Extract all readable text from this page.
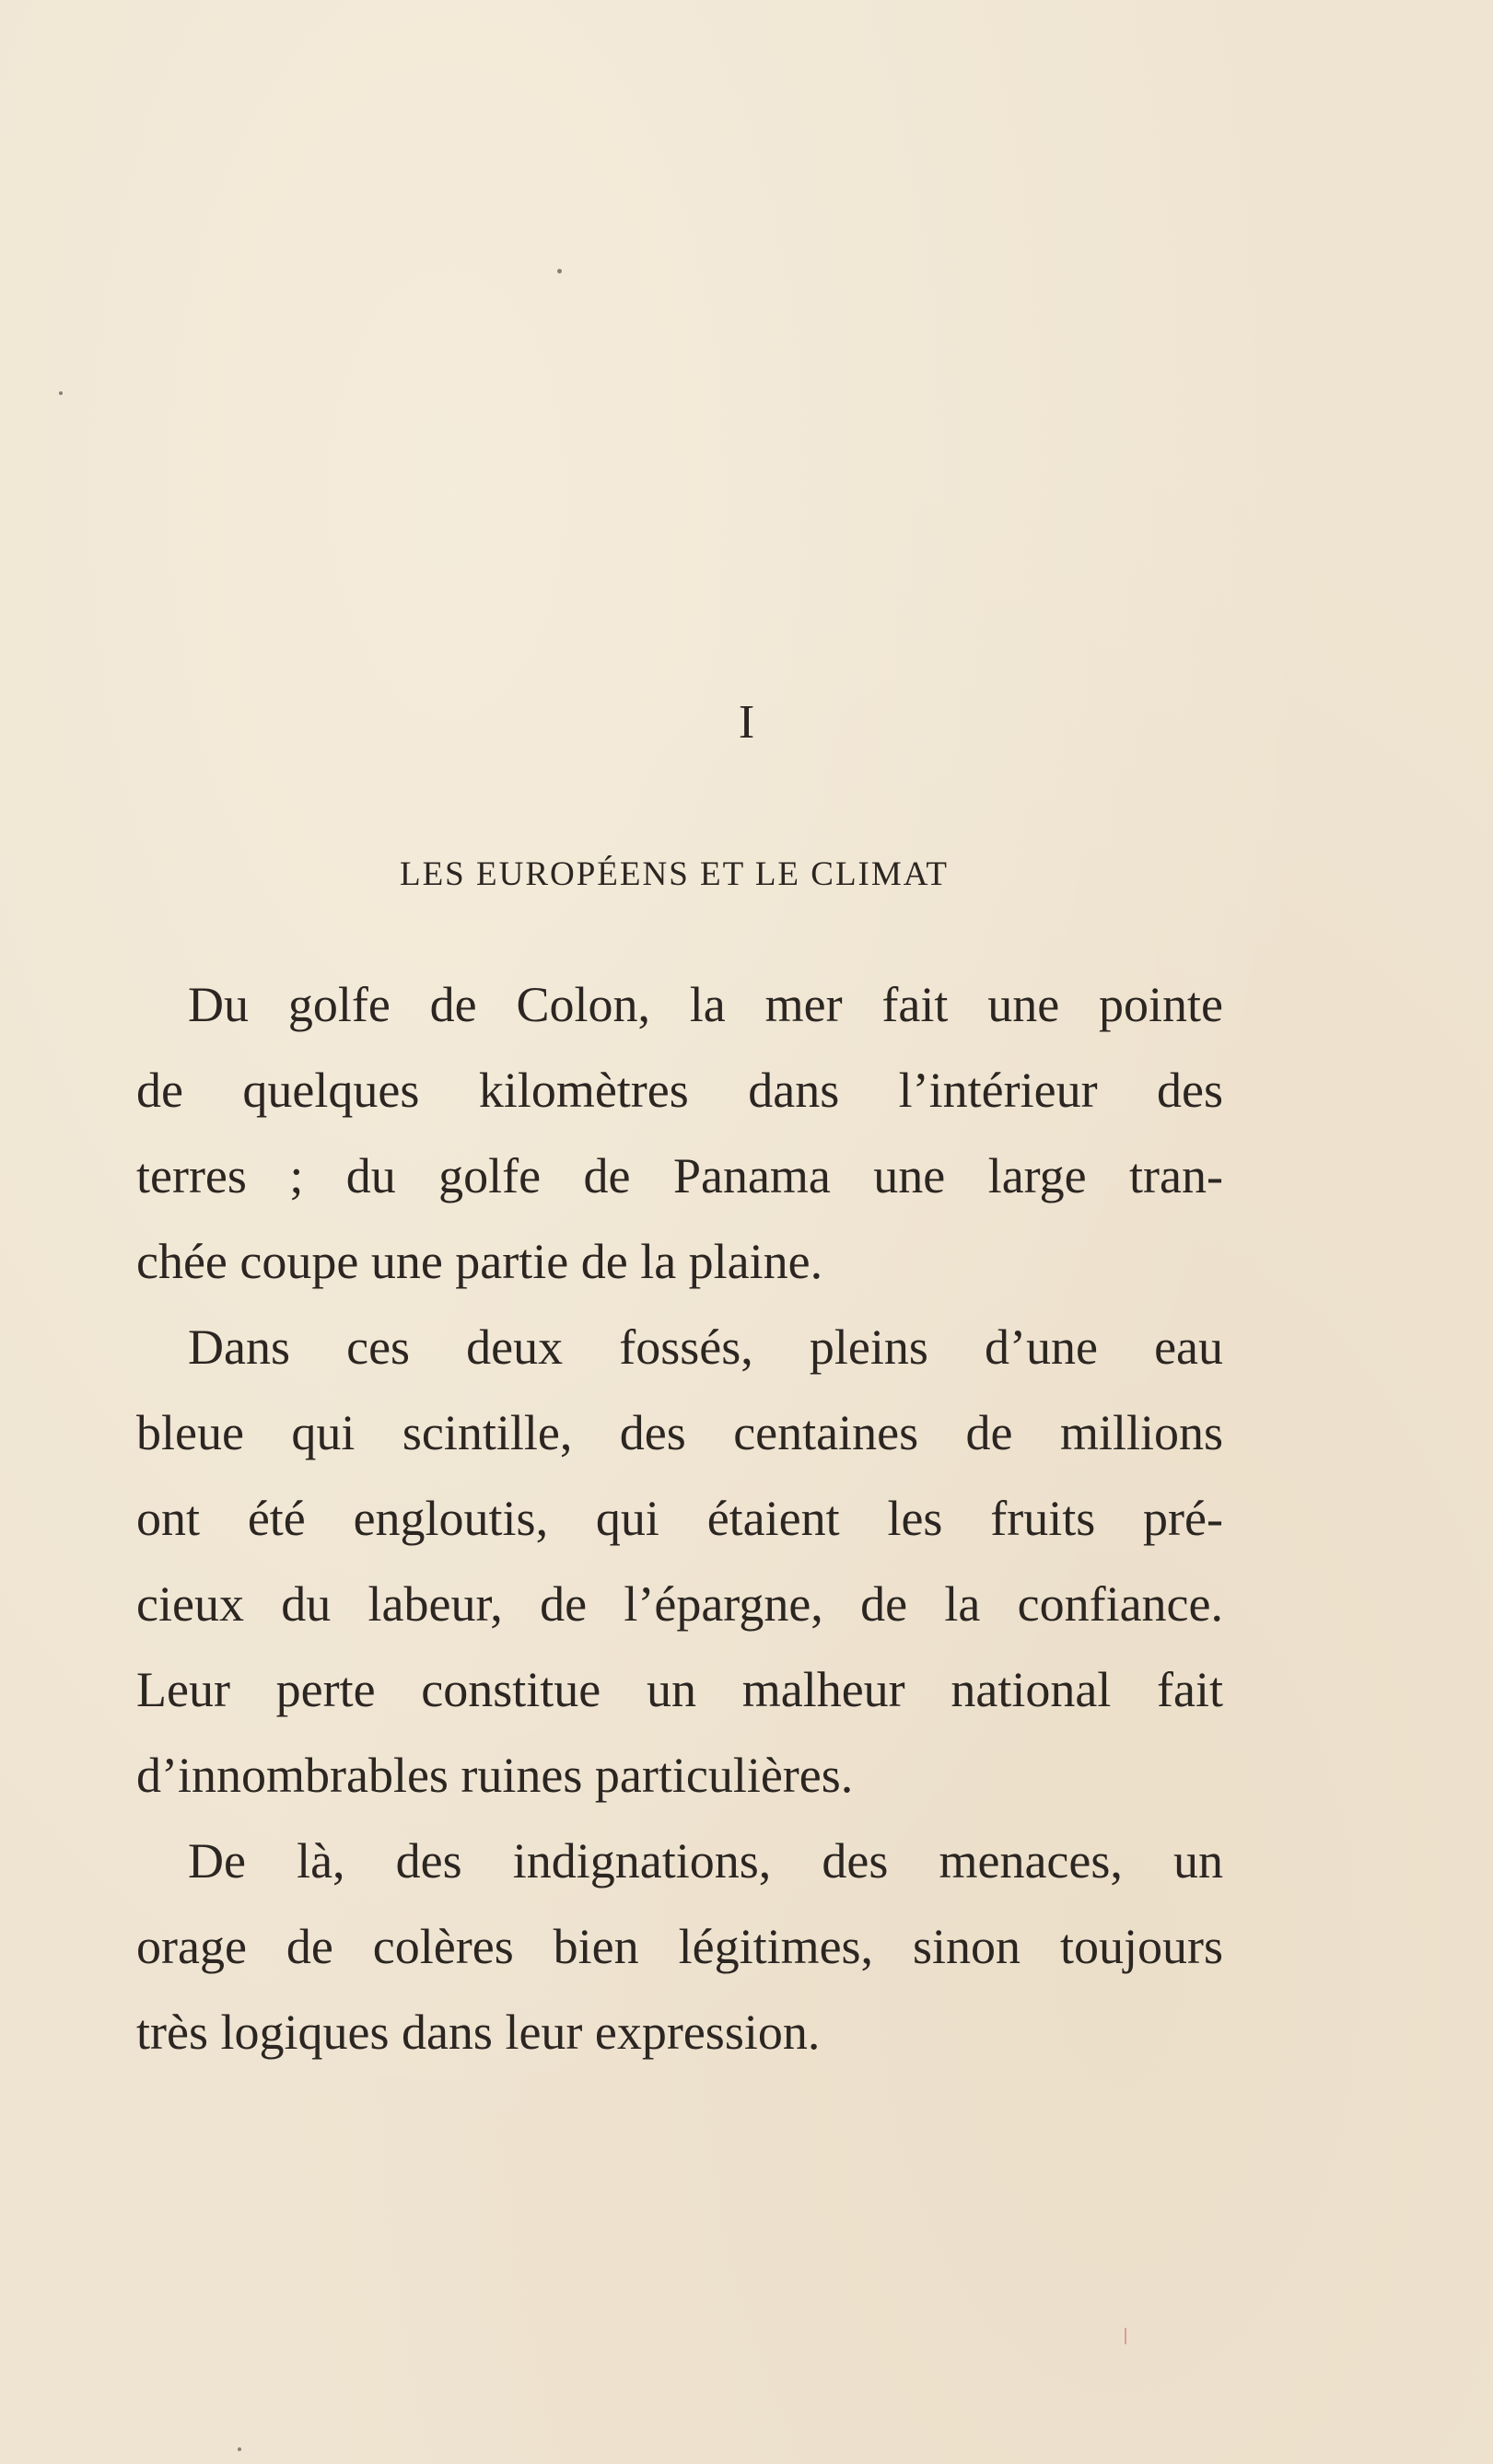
I
LES EUROPÉENS ET LE CLIMAT
Du golfe de Colon, la mer fait une pointe
de quelques kilomètres dans l’intérieur des
terres ; du golfe de Panama une large tran-
chée coupe une partie de la plaine.
Dans ces deux fossés, pleins d’une eau
bleue qui scintille, des centaines de millions
ont été engloutis, qui étaient les fruits pré-
cieux du labeur, de l’épargne, de la confiance.
Leur perte constitue un malheur national fait
d’innombrables ruines particulières.
De là, des indignations, des menaces, un
orage de colères bien légitimes, sinon toujours
très logiques dans leur expression.
